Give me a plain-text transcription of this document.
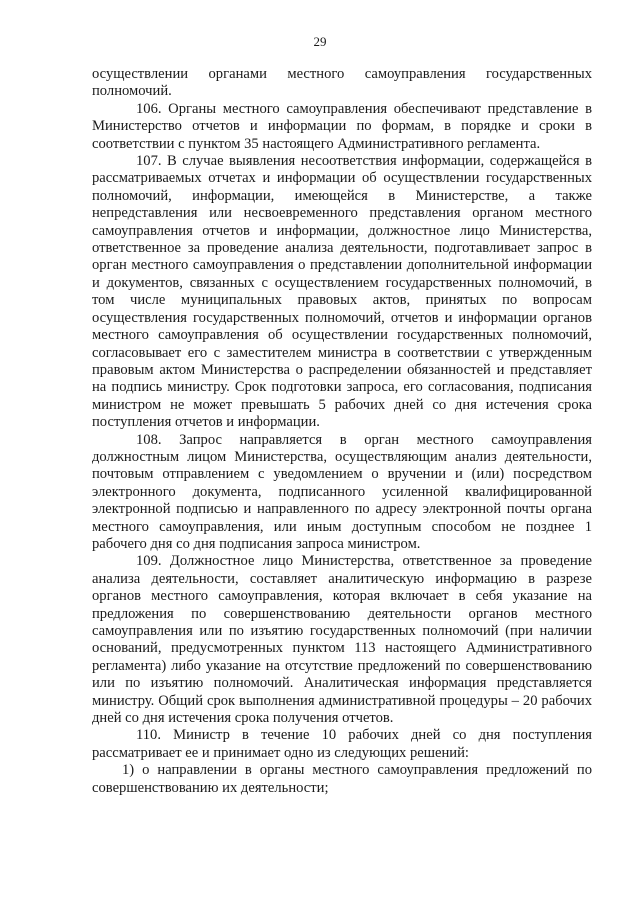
29

осуществлении органами местного самоуправления государственных полномочий.

106. Органы местного самоуправления обеспечивают представление в Министерство отчетов и информации по формам, в порядке и сроки в соответствии с пунктом 35 настоящего Административного регламента.

107. В случае выявления несоответствия информации, содержащейся в рассматриваемых отчетах и информации об осуществлении государственных полномочий, информации, имеющейся в Министерстве, а также непредставления или несвоевременного представления органом местного самоуправления отчетов и информации, должностное лицо Министерства, ответственное за проведение анализа деятельности, подготавливает запрос в орган местного самоуправления о представлении дополнительной информации и документов, связанных с осуществлением государственных полномочий, в том числе муниципальных правовых актов, принятых по вопросам осуществления государственных полномочий, отчетов и информации органов местного самоуправления об осуществлении государственных полномочий, согласовывает его с заместителем министра в соответствии с утвержденным правовым актом Министерства о распределении обязанностей и представляет на подпись министру. Срок подготовки запроса, его согласования, подписания министром не может превышать 5 рабочих дней со дня истечения срока поступления отчетов и информации.

108. Запрос направляется в орган местного самоуправления должностным лицом Министерства, осуществляющим анализ деятельности, почтовым отправлением с уведомлением о вручении и (или) посредством электронного документа, подписанного усиленной квалифицированной электронной подписью и направленного по адресу электронной почты органа местного самоуправления, или иным доступным способом не позднее 1 рабочего дня со дня подписания запроса министром.

109. Должностное лицо Министерства, ответственное за проведение анализа деятельности, составляет аналитическую информацию в разрезе органов местного самоуправления, которая включает в себя указание на предложения по совершенствованию деятельности органов местного самоуправления или по изъятию государственных полномочий (при наличии оснований, предусмотренных пунктом 113 настоящего Административного регламента) либо указание на отсутствие предложений по совершенствованию или по изъятию полномочий. Аналитическая информация представляется министру. Общий срок выполнения административной процедуры – 20 рабочих дней со дня истечения срока получения отчетов.

110. Министр в течение 10 рабочих дней со дня поступления рассматривает ее и принимает одно из следующих решений:

1) о направлении в органы местного самоуправления предложений по совершенствованию их деятельности;
